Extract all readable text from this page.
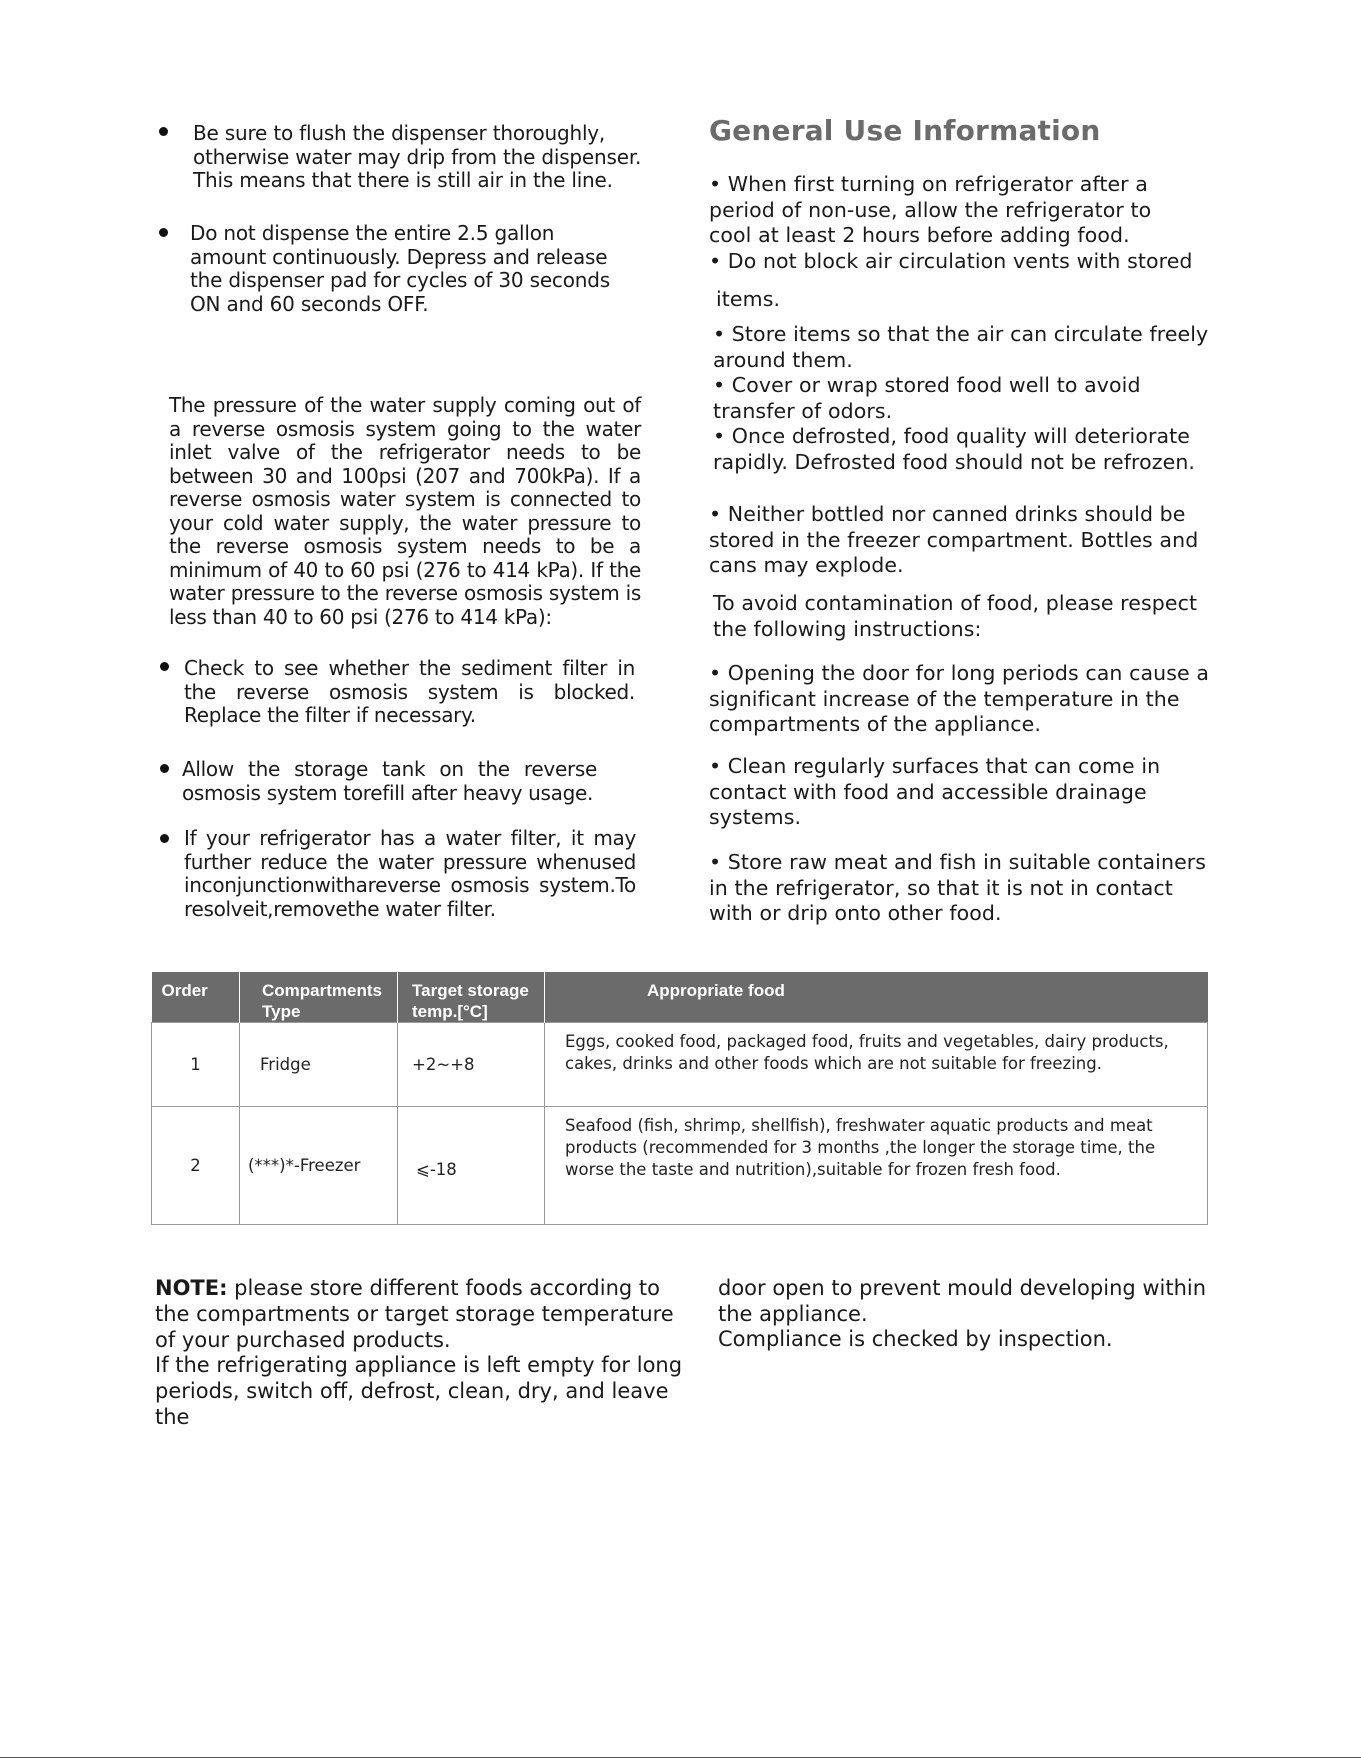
Be sure to flush the dispenser thoroughly,
otherwise water may drip from the dispenser.
This means that there is still air in the line.
Do not dispense the entire 2.5 gallon
amount continuously. Depress and release
the dispenser pad for cycles of 30 seconds
ON and 60 seconds OFF.
The pressure of the water supply coming out of a reverse osmosis system going to the water inlet valve of the refrigerator needs to be between 30 and 100psi (207 and 700kPa). If a reverse osmosis water system is connected to your cold water supply, the water pressure to the reverse osmosis system needs to be a minimum of 40 to 60 psi (276 to 414 kPa). If the water pressure to the reverse osmosis system is less than 40 to 60 psi (276 to 414 kPa):
Check to see whether the sediment filter in the reverse osmosis system is blocked. Replace the filter if necessary.
Allow the storage tank on the reverse osmosis system torefill after heavy usage.
If your refrigerator has a water filter, it may further reduce the water pressure whenused inconjunctionwithareverse osmosis system.To resolveit,removethe water filter.
General Use Information
• When first turning on refrigerator after a period of non-use, allow the refrigerator to cool at least 2 hours before adding food.
• Do not block air circulation vents with stored
items.
• Store items so that the air can circulate freely around them.
• Cover or wrap stored food well to avoid transfer of odors.
• Once defrosted, food quality will deteriorate rapidly. Defrosted food should not be refrozen.
• Neither bottled nor canned drinks should be stored in the freezer compartment. Bottles and cans may explode.
To avoid contamination of food, please respect the following instructions:
• Opening the door for long periods can cause a significant increase of the temperature in the compartments of the appliance.
• Clean regularly surfaces that can come in contact with food and accessible drainage systems.
• Store raw meat and fish in suitable containers in the refrigerator, so that it is not in contact with or drip onto other food.
Order	Compartments Type	Target storage temp.[°C]	Appropriate food
1	Fridge	+2~+8	Eggs, cooked food, packaged food, fruits and vegetables, dairy products, cakes, drinks and other foods which are not suitable for freezing.
2	(***)*-Freezer	⩽-18	Seafood (fish, shrimp, shellfish), freshwater aquatic products and meat products (recommended for 3 months ,the longer the storage time, the worse the taste and nutrition),suitable for frozen fresh food.
NOTE: please store different foods according to the compartments or target storage temperature of your purchased products.
If the refrigerating appliance is left empty for long periods, switch off, defrost, clean, dry, and leave the
door open to prevent mould developing within the appliance.
Compliance is checked by inspection.
